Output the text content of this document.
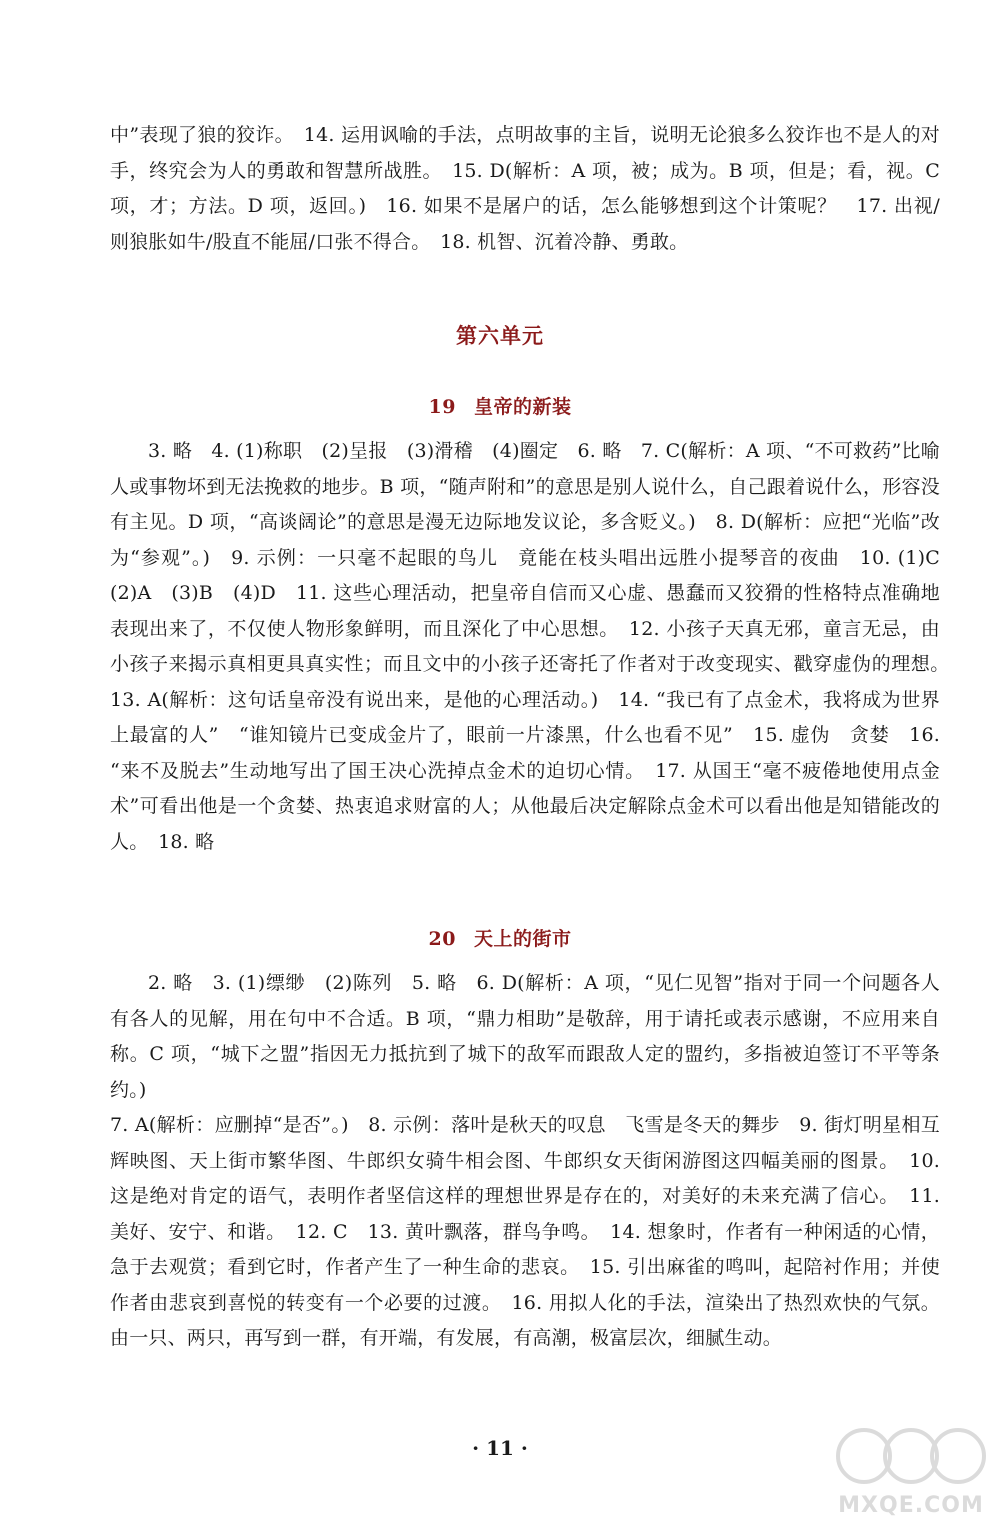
中”表现了狼的狡诈。　14. 运用讽喻的手法，点明故事的主旨，说明无论狼多么狡诈也不是人的对手，终究会为人的勇敢和智慧所战胜。　15. D(解析：A 项，被；成为。B 项，但是；看，视。C 项，才；方法。D 项，返回。)　16. 如果不是屠户的话，怎么能够想到这个计策呢？　17. 出视/则狼胀如牛/股直不能屈/口张不得合。　18. 机智、沉着冷静、勇敢。

第六单元
19 皇帝的新装

3. 略　4. (1)称职　(2)呈报　(3)滑稽　(4)圈定　6. 略　7. C(解析：A 项、“不可救药”比喻人或事物坏到无法挽救的地步。B 项，“随声附和”的意思是别人说什么，自己跟着说什么，形容没有主见。D 项，“高谈阔论”的意思是漫无边际地发议论，多含贬义。)　8. D(解析：应把“光临”改为“参观”。)　9. 示例：一只毫不起眼的鸟儿　竟能在枝头唱出远胜小提琴音的夜曲　10. (1)C　(2)A　(3)B　(4)D　11. 这些心理活动，把皇帝自信而又心虚、愚蠢而又狡猾的性格特点准确地表现出来了，不仅使人物形象鲜明，而且深化了中心思想。　12. 小孩子天真无邪，童言无忌，由小孩子来揭示真相更具真实性；而且文中的小孩子还寄托了作者对于改变现实、戳穿虚伪的理想。　13. A(解析：这句话皇帝没有说出来，是他的心理活动。)　14. “我已有了点金术，我将成为世界上最富的人”　“谁知镜片已变成金片了，眼前一片漆黑，什么也看不见”　15. 虚伪　贪婪　16. “来不及脱去”生动地写出了国王决心洗掉点金术的迫切心情。　17. 从国王“毫不疲倦地使用点金术”可看出他是一个贪婪、热衷追求财富的人；从他最后决定解除点金术可以看出他是知错能改的人。　18. 略

20 天上的街市

2. 略　3. (1)缥缈　(2)陈列　5. 略　6. D(解析：A 项，“见仁见智”指对于同一个问题各人有各人的见解，用在句中不合适。B 项，“鼎力相助”是敬辞，用于请托或表示感谢，不应用来自称。C 项，“城下之盟”指因无力抵抗到了城下的敌军而跟敌人定的盟约，多指被迫签订不平等条约。)

7. A(解析：应删掉“是否”。)　8. 示例：落叶是秋天的叹息　飞雪是冬天的舞步　9. 街灯明星相互辉映图、天上街市繁华图、牛郎织女骑牛相会图、牛郎织女天街闲游图这四幅美丽的图景。　10. 这是绝对肯定的语气，表明作者坚信这样的理想世界是存在的，对美好的未来充满了信心。　11. 美好、安宁、和谐。　12. C　13. 黄叶飘落，群鸟争鸣。　14. 想象时，作者有一种闲适的心情，急于去观赏；看到它时，作者产生了一种生命的悲哀。　15. 引出麻雀的鸣叫，起陪衬作用；并使作者由悲哀到喜悦的转变有一个必要的过渡。　16. 用拟人化的手法，渲染出了热烈欢快的气氛。由一只、两只，再写到一群，有开端，有发展，有高潮，极富层次，细腻生动。

· 11 ·

MXQE.COM
